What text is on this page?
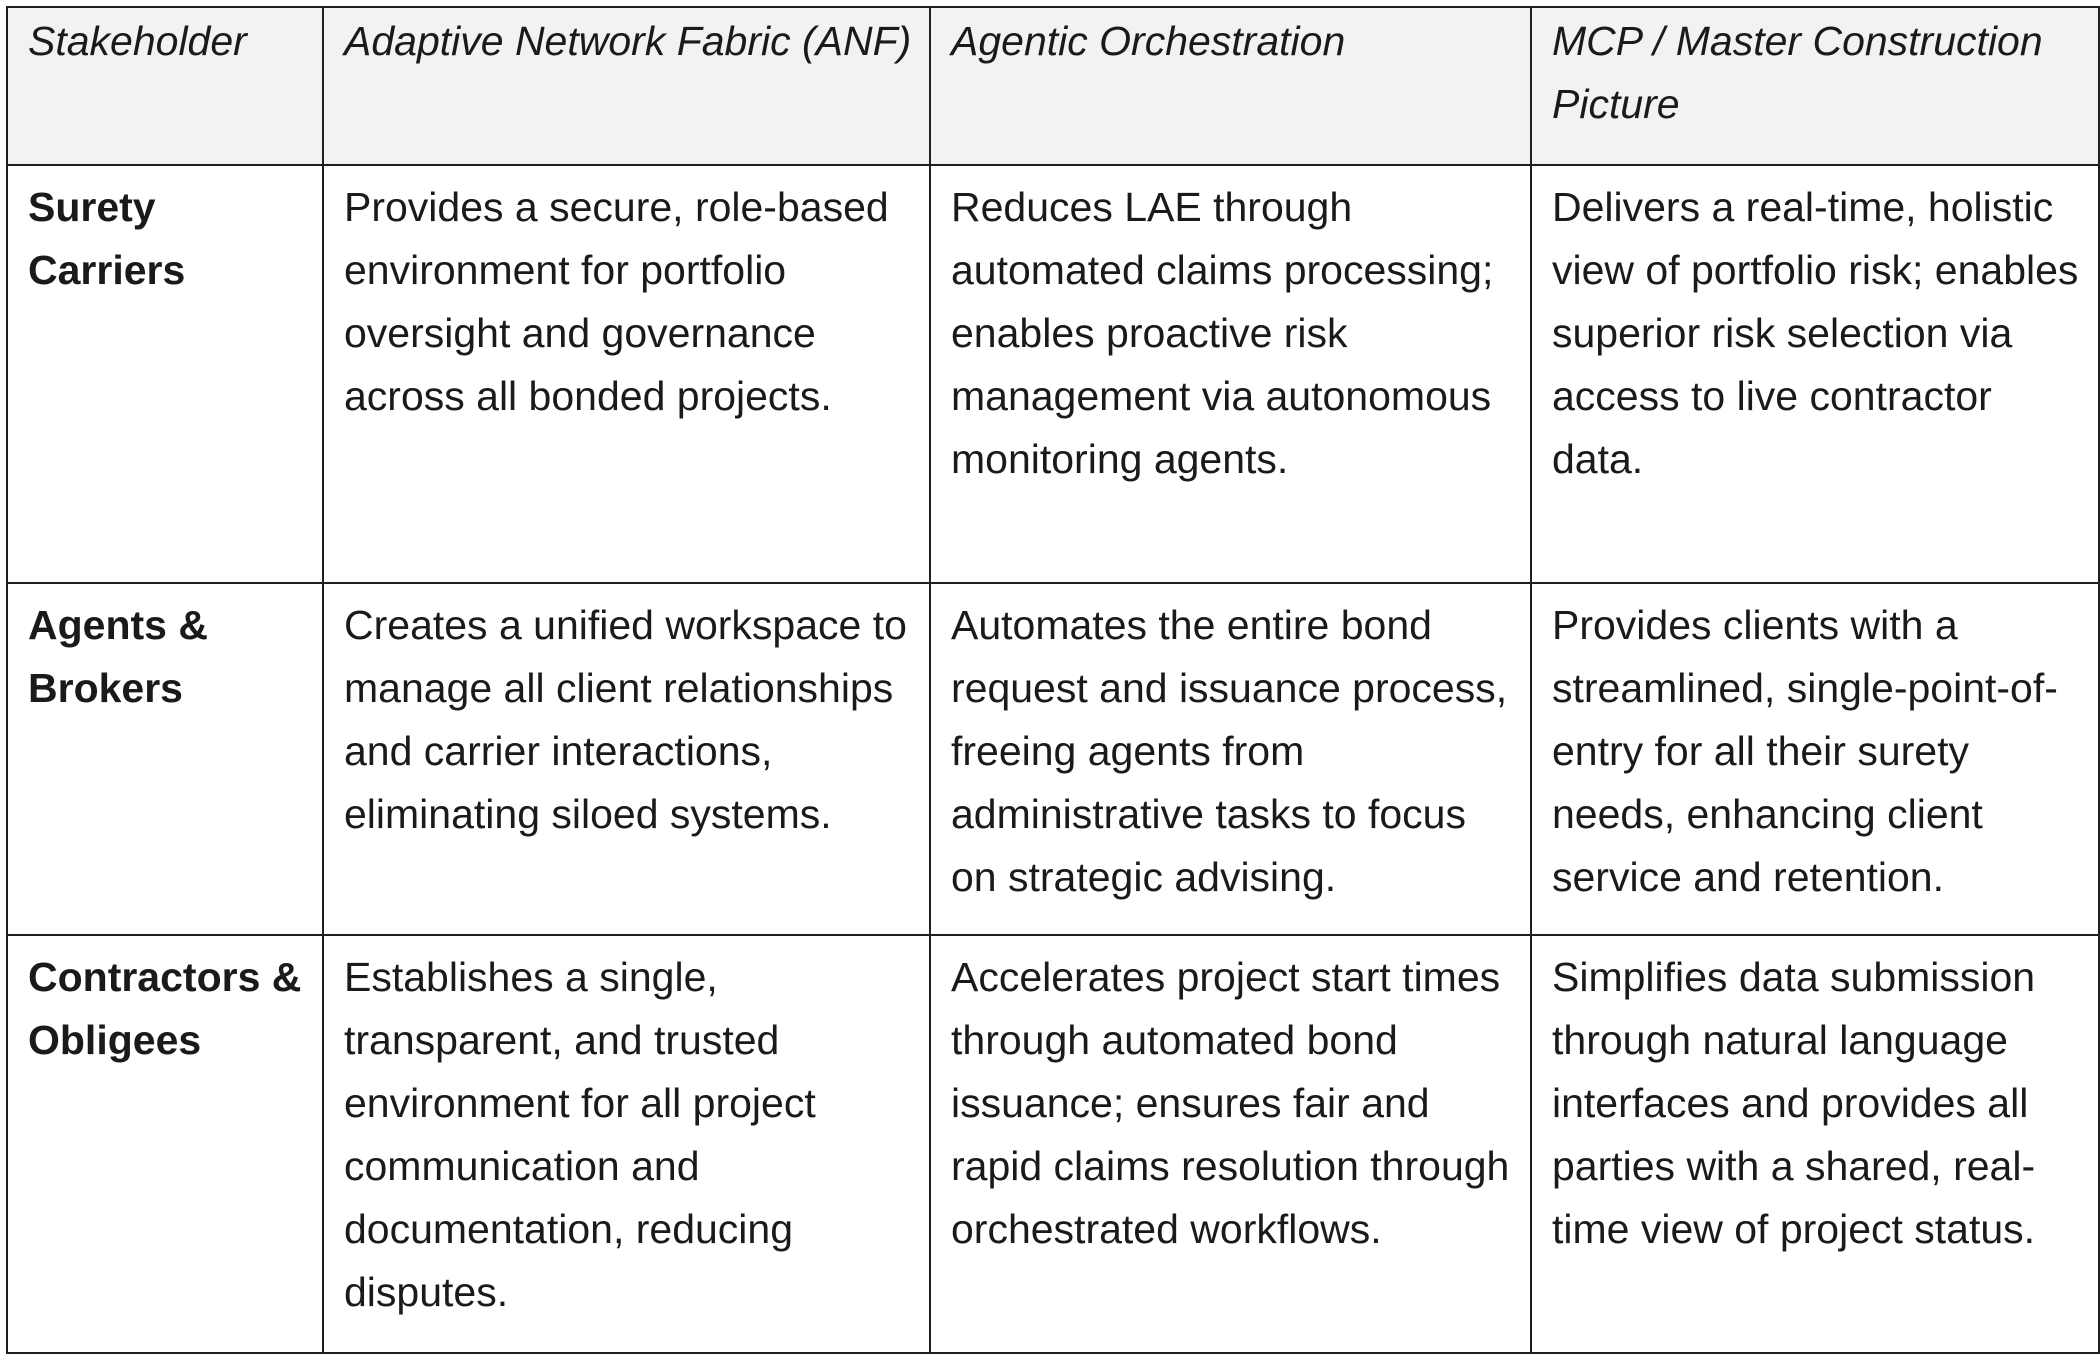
Stakeholder	Adaptive Network Fabric (ANF)	Agentic Orchestration	MCP / Master Construction Picture
Surety Carriers	Provides a secure, role-based environment for portfolio oversight and governance across all bonded projects.	Reduces LAE through automated claims processing; enables proactive risk management via autonomous monitoring agents.	Delivers a real-time, holistic view of portfolio risk; enables superior risk selection via access to live contractor data.
Agents & Brokers	Creates a unified workspace to manage all client relationships and carrier interactions, eliminating siloed systems.	Automates the entire bond request and issuance process, freeing agents from administrative tasks to focus on strategic advising.	Provides clients with a streamlined, single-point-of-entry for all their surety needs, enhancing client service and retention.
Contractors & Obligees	Establishes a single, transparent, and trusted environment for all project communication and documentation, reducing disputes.	Accelerates project start times through automated bond issuance; ensures fair and rapid claims resolution through orchestrated workflows.	Simplifies data submission through natural language interfaces and provides all parties with a shared, real-time view of project status.
